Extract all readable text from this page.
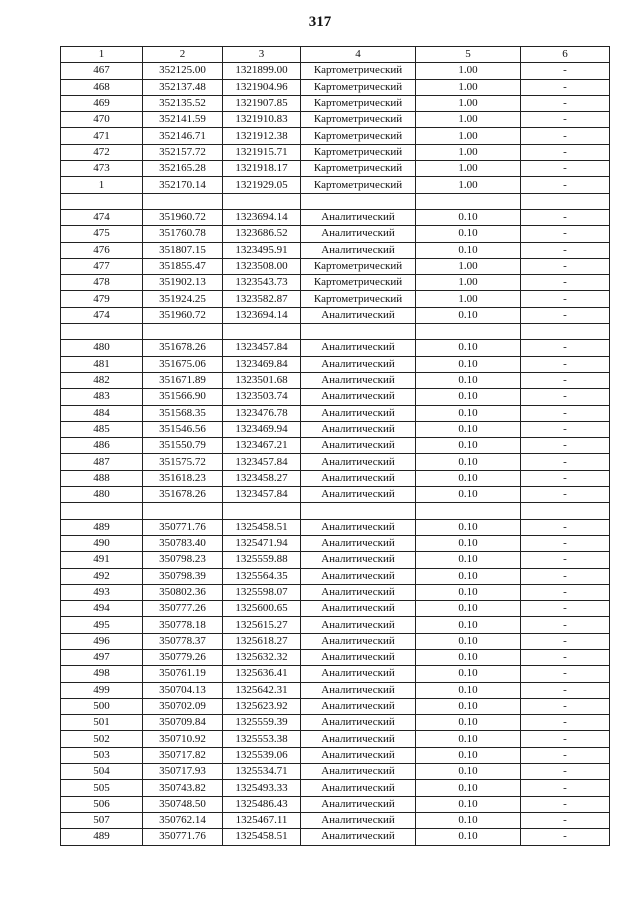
317
1	2	3	4	5	6
467	352125.00	1321899.00	Картометрический	1.00	-
468	352137.48	1321904.96	Картометрический	1.00	-
469	352135.52	1321907.85	Картометрический	1.00	-
470	352141.59	1321910.83	Картометрический	1.00	-
471	352146.71	1321912.38	Картометрический	1.00	-
472	352157.72	1321915.71	Картометрический	1.00	-
473	352165.28	1321918.17	Картометрический	1.00	-
1	352170.14	1321929.05	Картометрический	1.00	-

474	351960.72	1323694.14	Аналитический	0.10	-
475	351760.78	1323686.52	Аналитический	0.10	-
476	351807.15	1323495.91	Аналитический	0.10	-
477	351855.47	1323508.00	Картометрический	1.00	-
478	351902.13	1323543.73	Картометрический	1.00	-
479	351924.25	1323582.87	Картометрический	1.00	-
474	351960.72	1323694.14	Аналитический	0.10	-

480	351678.26	1323457.84	Аналитический	0.10	-
481	351675.06	1323469.84	Аналитический	0.10	-
482	351671.89	1323501.68	Аналитический	0.10	-
483	351566.90	1323503.74	Аналитический	0.10	-
484	351568.35	1323476.78	Аналитический	0.10	-
485	351546.56	1323469.94	Аналитический	0.10	-
486	351550.79	1323467.21	Аналитический	0.10	-
487	351575.72	1323457.84	Аналитический	0.10	-
488	351618.23	1323458.27	Аналитический	0.10	-
480	351678.26	1323457.84	Аналитический	0.10	-

489	350771.76	1325458.51	Аналитический	0.10	-
490	350783.40	1325471.94	Аналитический	0.10	-
491	350798.23	1325559.88	Аналитический	0.10	-
492	350798.39	1325564.35	Аналитический	0.10	-
493	350802.36	1325598.07	Аналитический	0.10	-
494	350777.26	1325600.65	Аналитический	0.10	-
495	350778.18	1325615.27	Аналитический	0.10	-
496	350778.37	1325618.27	Аналитический	0.10	-
497	350779.26	1325632.32	Аналитический	0.10	-
498	350761.19	1325636.41	Аналитический	0.10	-
499	350704.13	1325642.31	Аналитический	0.10	-
500	350702.09	1325623.92	Аналитический	0.10	-
501	350709.84	1325559.39	Аналитический	0.10	-
502	350710.92	1325553.38	Аналитический	0.10	-
503	350717.82	1325539.06	Аналитический	0.10	-
504	350717.93	1325534.71	Аналитический	0.10	-
505	350743.82	1325493.33	Аналитический	0.10	-
506	350748.50	1325486.43	Аналитический	0.10	-
507	350762.14	1325467.11	Аналитический	0.10	-
489	350771.76	1325458.51	Аналитический	0.10	-
